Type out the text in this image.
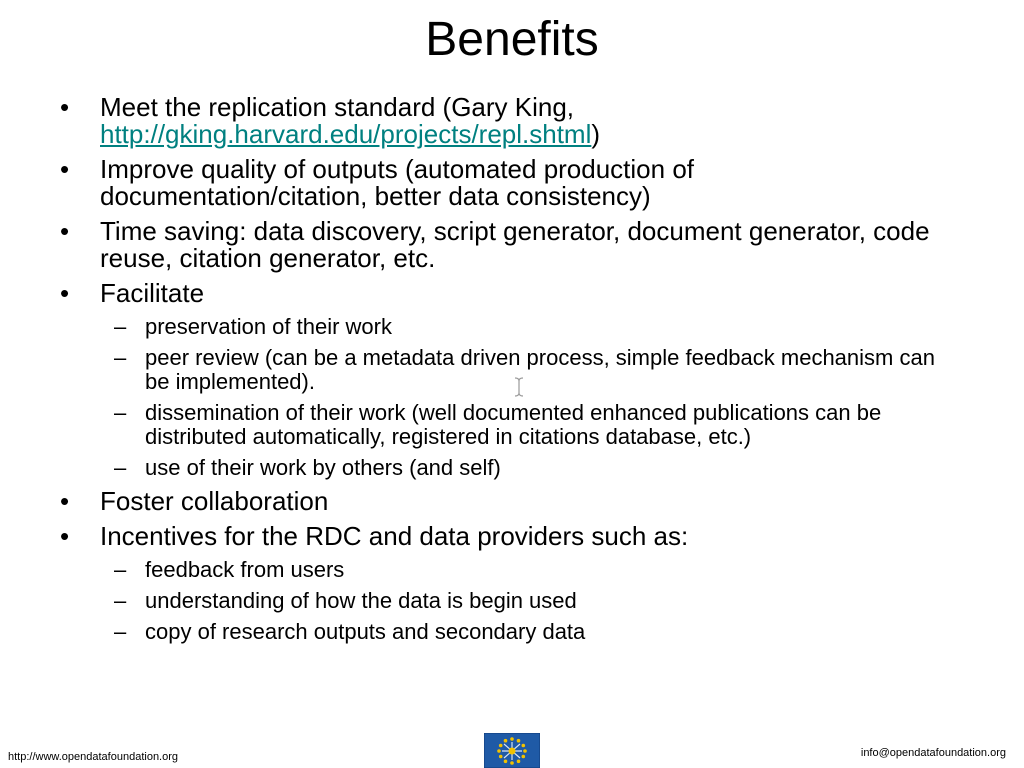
Benefits
•	Meet the replication standard (Gary King, http://gking.harvard.edu/projects/repl.shtml)
•	Improve quality of outputs (automated production of documentation/citation, better data consistency)
•	Time saving: data discovery, script generator, document generator, code reuse, citation generator, etc.
•	Facilitate
– preservation of their work
– peer review (can be a metadata driven process, simple feedback mechanism can be implemented).
– dissemination of their work (well documented enhanced publications can be distributed automatically, registered in citations database, etc.)
– use of their work by others (and self)
•	Foster collaboration
•	Incentives for the RDC and data providers such as:
– feedback from users
– understanding of how the data is begin used
– copy of research outputs and secondary data
http://www.opendatafoundation.org	info@opendatafoundation.org
